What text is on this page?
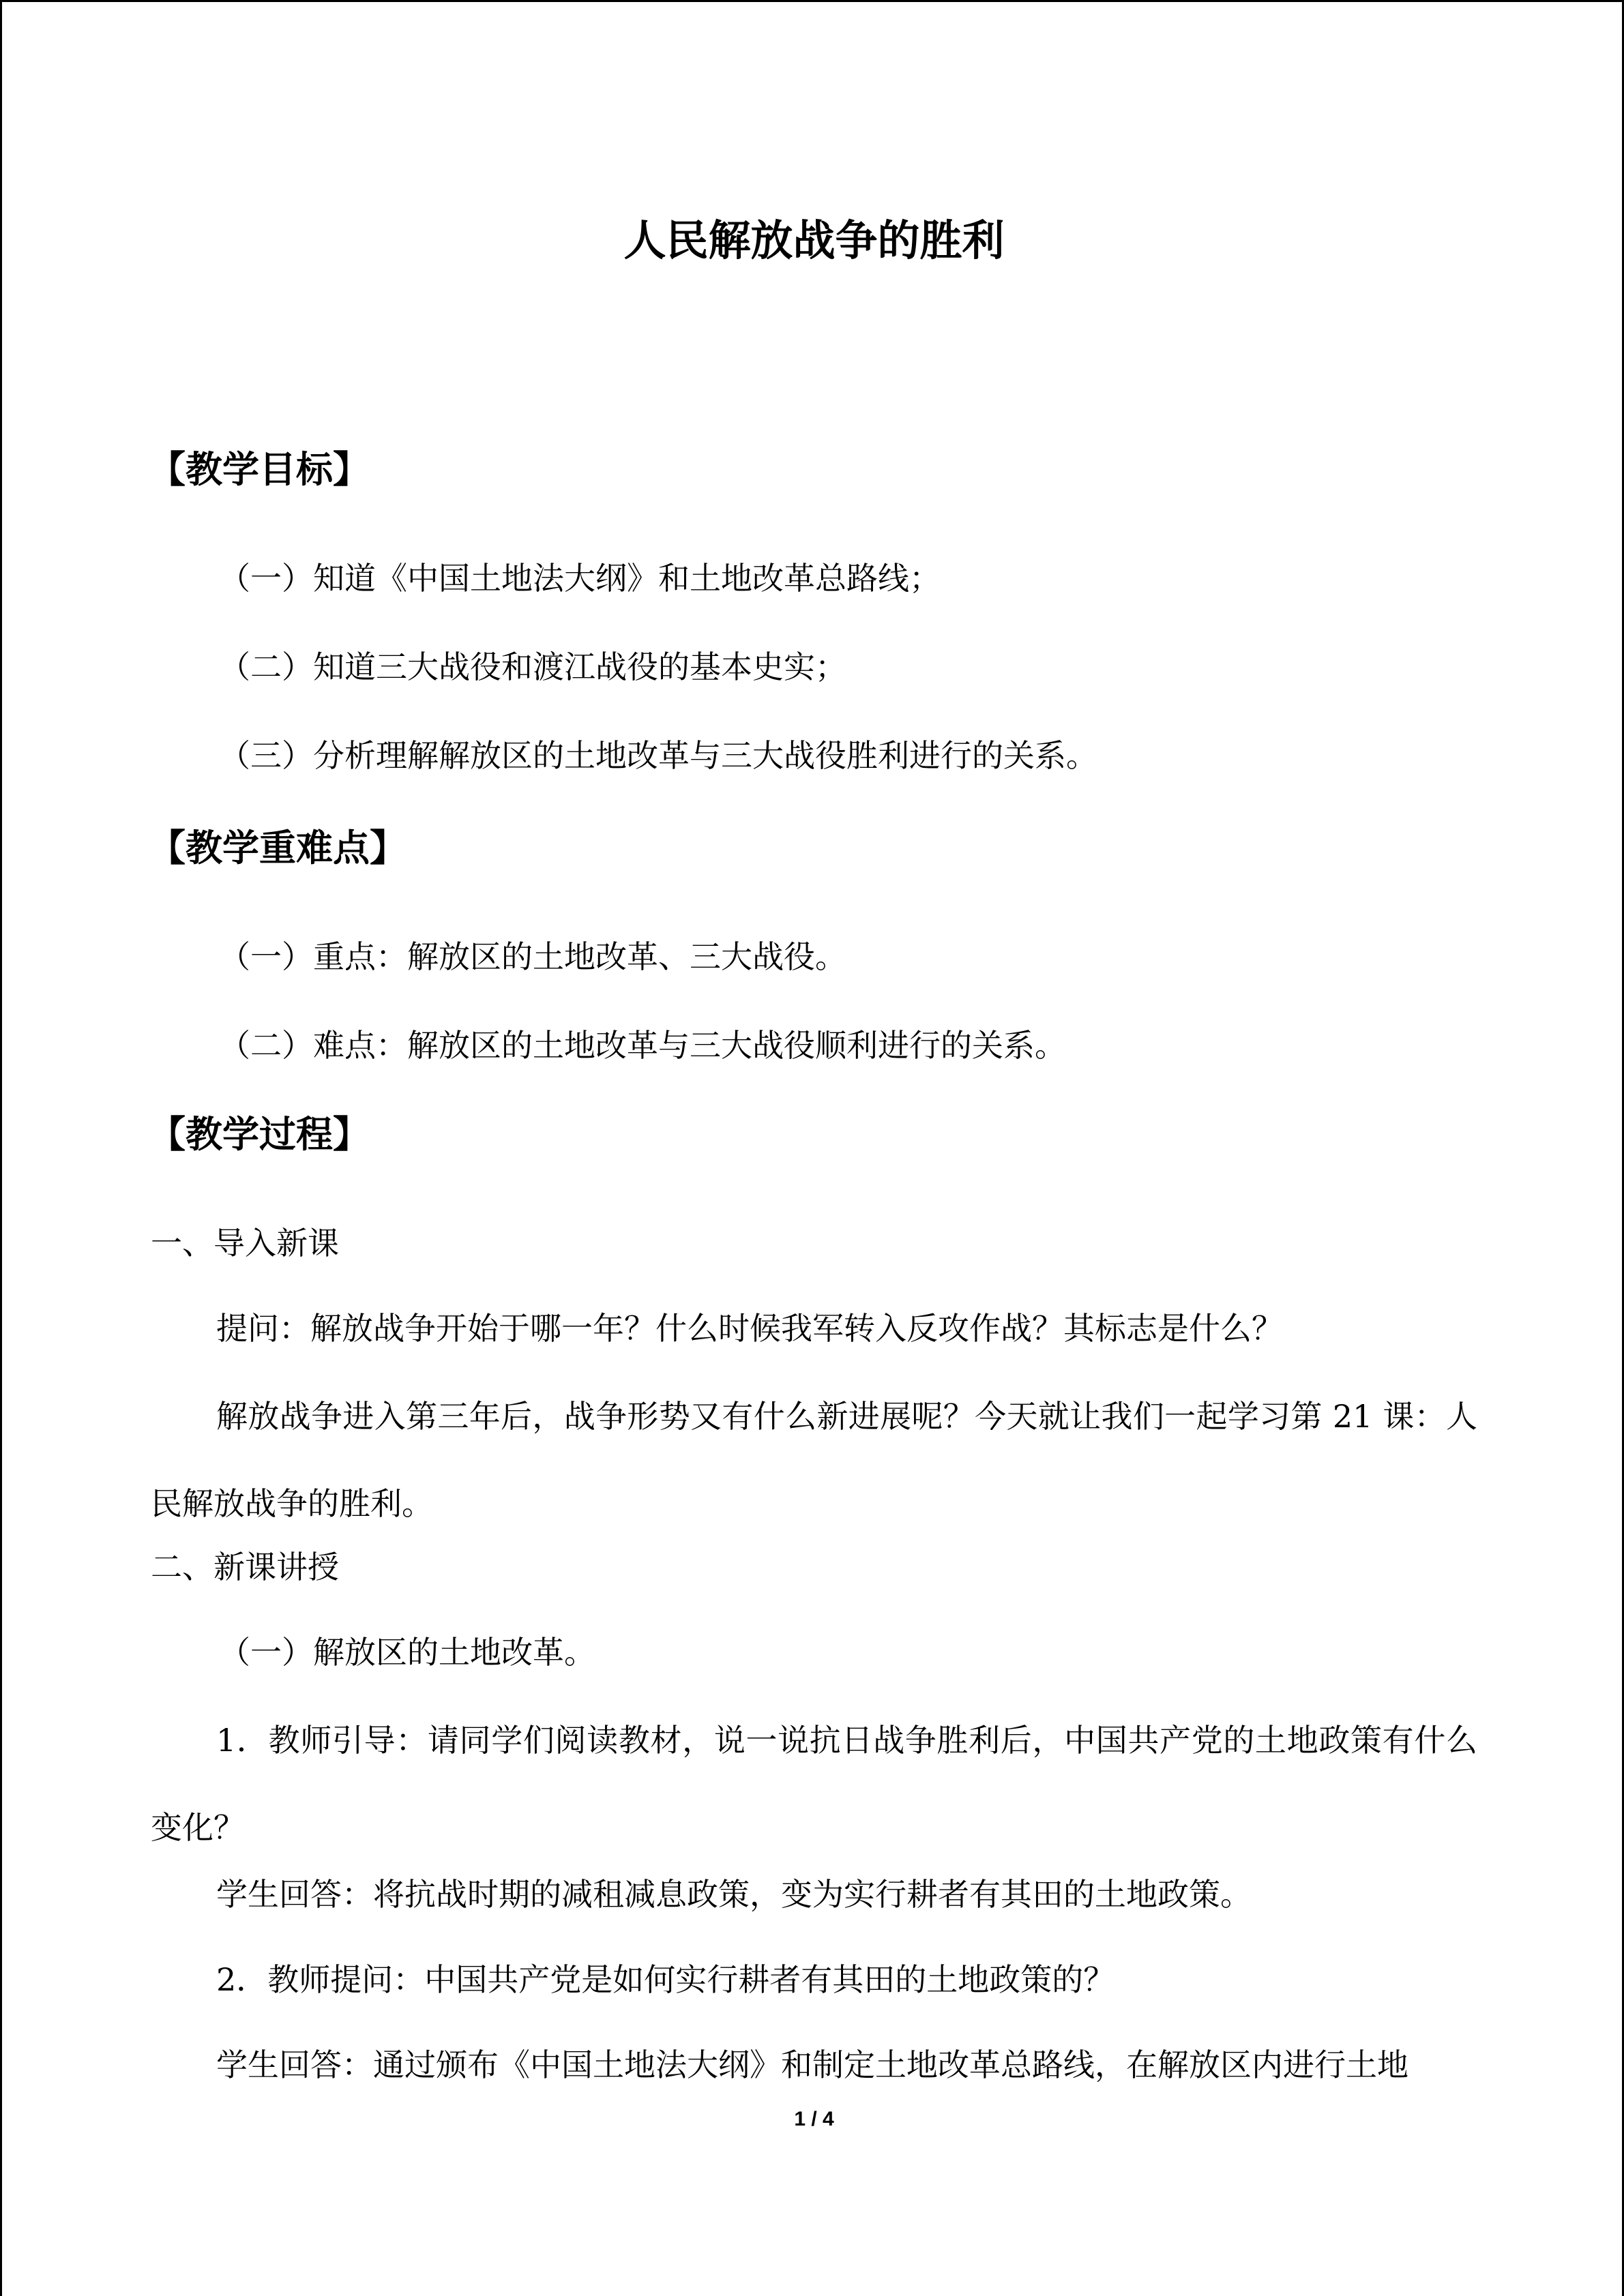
人民解放战争的胜利
【教学目标】
（一）知道《中国土地法大纲》和土地改革总路线；
（二）知道三大战役和渡江战役的基本史实；
（三）分析理解解放区的土地改革与三大战役胜利进行的关系。
【教学重难点】
（一）重点：解放区的土地改革、三大战役。
（二）难点：解放区的土地改革与三大战役顺利进行的关系。
【教学过程】
一、导入新课
提问：解放战争开始于哪一年？什么时候我军转入反攻作战？其标志是什么？
解放战争进入第三年后，战争形势又有什么新进展呢？今天就让我们一起学习第 21 课：人民解放战争的胜利。
二、新课讲授
（一）解放区的土地改革。
1．教师引导：请同学们阅读教材，说一说抗日战争胜利后，中国共产党的土地政策有什么变化？
学生回答：将抗战时期的减租减息政策，变为实行耕者有其田的土地政策。
2．教师提问：中国共产党是如何实行耕者有其田的土地政策的？
学生回答：通过颁布《中国土地法大纲》和制定土地改革总路线，在解放区内进行土地
1 / 4
